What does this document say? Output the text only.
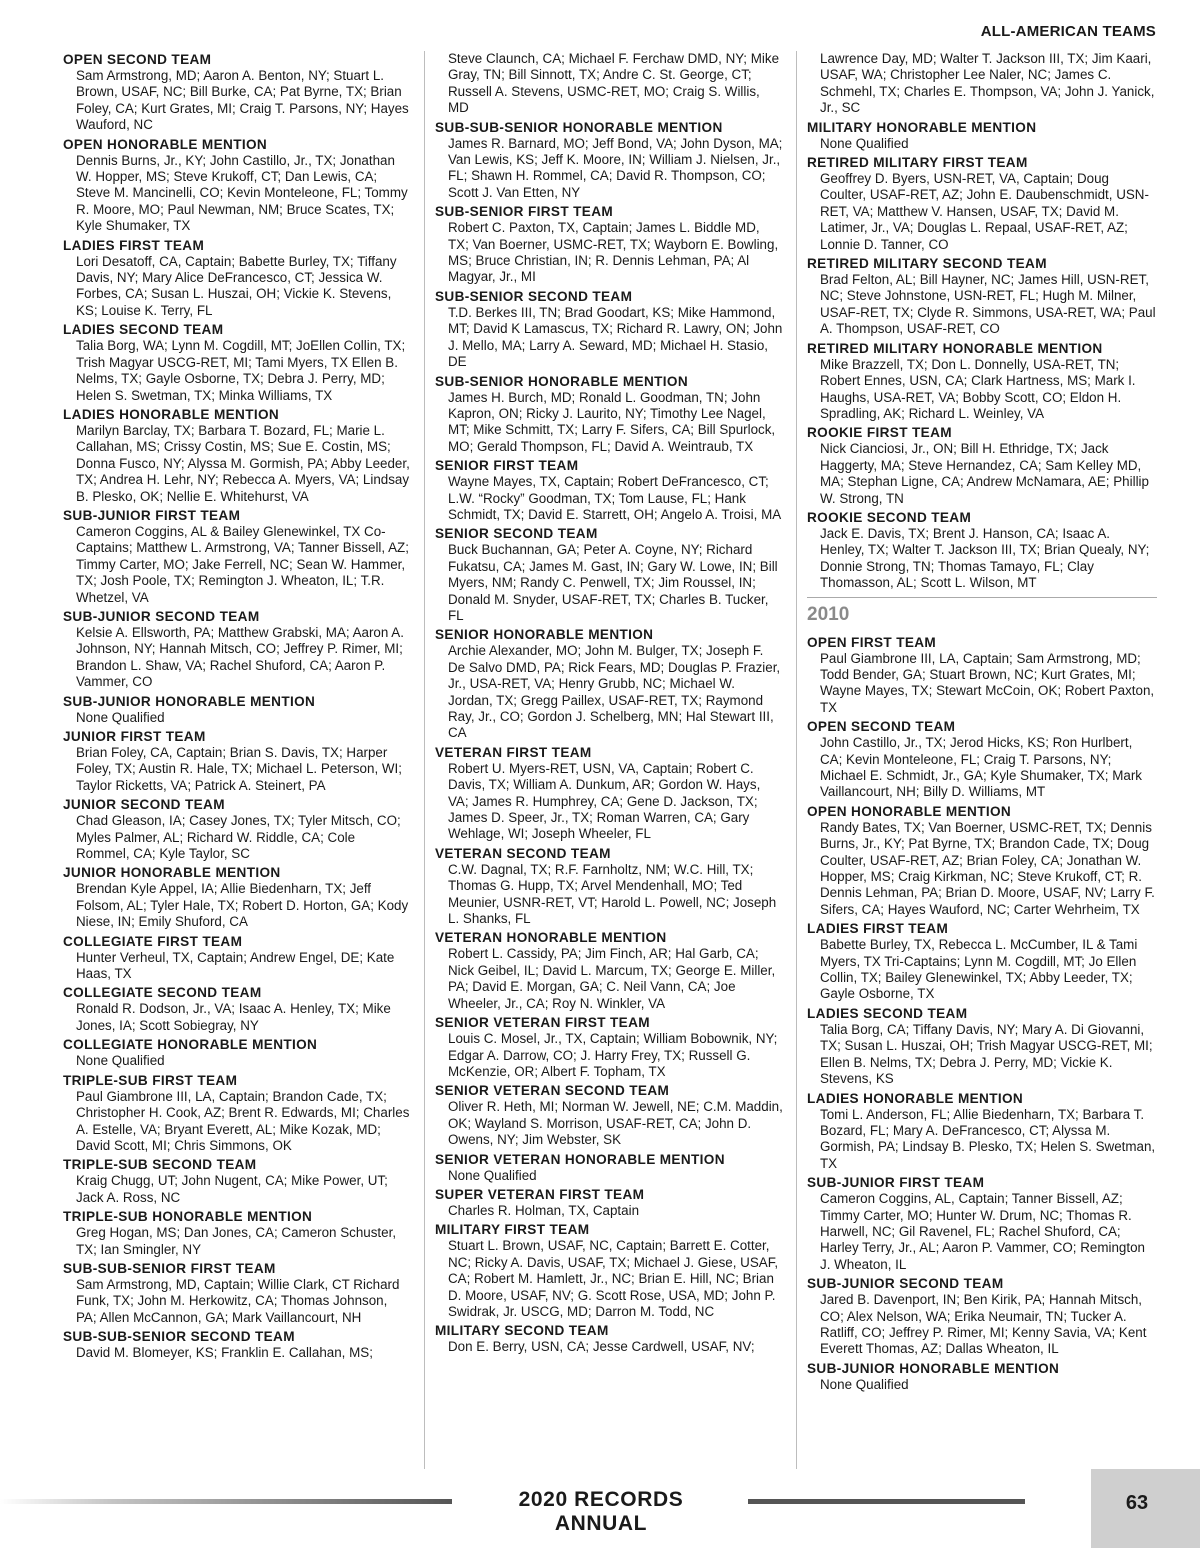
ALL-AMERICAN TEAMS
OPEN SECOND TEAM
Sam Armstrong, MD; Aaron A. Benton, NY; Stuart L. Brown, USAF, NC; Bill Burke, CA; Pat Byrne, TX; Brian Foley, CA; Kurt Grates, MI; Craig T. Parsons, NY; Hayes Wauford, NC
OPEN HONORABLE MENTION
Dennis Burns, Jr., KY; John Castillo, Jr., TX; Jonathan W. Hopper, MS; Steve Krukoff, CT; Dan Lewis, CA; Steve M. Mancinelli, CO; Kevin Monteleone, FL; Tommy R. Moore, MO; Paul Newman, NM; Bruce Scates, TX; Kyle Shumaker, TX
LADIES FIRST TEAM
Lori Desatoff, CA, Captain; Babette Burley, TX; Tiffany Davis, NY; Mary Alice DeFrancesco, CT; Jessica W. Forbes, CA; Susan L. Huszai, OH; Vickie K. Stevens, KS; Louise K. Terry, FL
LADIES SECOND TEAM
Talia Borg, WA; Lynn M. Cogdill, MT; JoEllen Collin, TX; Trish Magyar USCG-RET, MI; Tami Myers, TX Ellen B. Nelms, TX; Gayle Osborne, TX; Debra J. Perry, MD; Helen S. Swetman, TX; Minka Williams, TX
LADIES HONORABLE MENTION
Marilyn Barclay, TX; Barbara T. Bozard, FL; Marie L. Callahan, MS; Crissy Costin, MS; Sue E. Costin, MS; Donna Fusco, NY; Alyssa M. Gormish, PA; Abby Leeder, TX; Andrea H. Lehr, NY; Rebecca A. Myers, VA; Lindsay B. Plesko, OK; Nellie E. Whitehurst, VA
SUB-JUNIOR FIRST TEAM
Cameron Coggins, AL & Bailey Glenewinkel, TX Co-Captains; Matthew L. Armstrong, VA; Tanner Bissell, AZ; Timmy Carter, MO; Jake Ferrell, NC; Sean W. Hammer, TX; Josh Poole, TX; Remington J. Wheaton, IL; T.R. Whetzel, VA
SUB-JUNIOR SECOND TEAM
Kelsie A. Ellsworth, PA; Matthew Grabski, MA; Aaron A. Johnson, NY; Hannah Mitsch, CO; Jeffrey P. Rimer, MI; Brandon L. Shaw, VA; Rachel Shuford, CA; Aaron P. Vammer, CO
SUB-JUNIOR HONORABLE MENTION
None Qualified
JUNIOR FIRST TEAM
Brian Foley, CA, Captain; Brian S. Davis, TX; Harper Foley, TX; Austin R. Hale, TX; Michael L. Peterson, WI; Taylor Ricketts, VA; Patrick A. Steinert, PA
JUNIOR SECOND TEAM
Chad Gleason, IA; Casey Jones, TX; Tyler Mitsch, CO; Myles Palmer, AL; Richard W. Riddle, CA; Cole Rommel, CA; Kyle Taylor, SC
JUNIOR HONORABLE MENTION
Brendan Kyle Appel, IA; Allie Biedenharn, TX; Jeff Folsom, AL; Tyler Hale, TX; Robert D. Horton, GA; Kody Niese, IN; Emily Shuford, CA
COLLEGIATE FIRST TEAM
Hunter Verheul, TX, Captain; Andrew Engel, DE; Kate Haas, TX
COLLEGIATE SECOND TEAM
Ronald R. Dodson, Jr., VA; Isaac A. Henley, TX; Mike Jones, IA; Scott Sobiegray, NY
COLLEGIATE HONORABLE MENTION
None Qualified
TRIPLE-SUB FIRST TEAM
Paul Giambrone III, LA, Captain; Brandon Cade, TX; Christopher H. Cook, AZ; Brent R. Edwards, MI; Charles A. Estelle, VA; Bryant Everett, AL; Mike Kozak, MD; David Scott, MI; Chris Simmons, OK
TRIPLE-SUB SECOND TEAM
Kraig Chugg, UT; John Nugent, CA; Mike Power, UT; Jack A. Ross, NC
TRIPLE-SUB HONORABLE MENTION
Greg Hogan, MS; Dan Jones, CA; Cameron Schuster, TX; Ian Smingler, NY
SUB-SUB-SENIOR FIRST TEAM
Sam Armstrong, MD, Captain; Willie Clark, CT Richard Funk, TX; John M. Herkowitz, CA; Thomas Johnson, PA; Allen McCannon, GA; Mark Vaillancourt, NH
SUB-SUB-SENIOR SECOND TEAM
David M. Blomeyer, KS; Franklin E. Callahan, MS;
Steve Claunch, CA; Michael F. Ferchaw DMD, NY; Mike Gray, TN; Bill Sinnott, TX; Andre C. St. George, CT; Russell A. Stevens, USMC-RET, MO; Craig S. Willis, MD
SUB-SUB-SENIOR HONORABLE MENTION
James R. Barnard, MO; Jeff Bond, VA; John Dyson, MA; Van Lewis, KS; Jeff K. Moore, IN; William J. Nielsen, Jr., FL; Shawn H. Rommel, CA; David R. Thompson, CO; Scott J. Van Etten, NY
SUB-SENIOR FIRST TEAM
Robert C. Paxton, TX, Captain; James L. Biddle MD, TX; Van Boerner, USMC-RET, TX; Wayborn E. Bowling, MS; Bruce Christian, IN; R. Dennis Lehman, PA; Al Magyar, Jr., MI
SUB-SENIOR SECOND TEAM
T.D. Berkes III, TN; Brad Goodart, KS; Mike Hammond, MT; David K Lamascus, TX; Richard R. Lawry, ON; John J. Mello, MA; Larry A. Seward, MD; Michael H. Stasio, DE
SUB-SENIOR HONORABLE MENTION
James H. Burch, MD; Ronald L. Goodman, TN; John Kapron, ON; Ricky J. Laurito, NY; Timothy Lee Nagel, MT; Mike Schmitt, TX; Larry F. Sifers, CA; Bill Spurlock, MO; Gerald Thompson, FL; David A. Weintraub, TX
SENIOR FIRST TEAM
Wayne Mayes, TX, Captain; Robert DeFrancesco, CT; L.W. “Rocky” Goodman, TX; Tom Lause, FL; Hank Schmidt, TX; David E. Starrett, OH; Angelo A. Troisi, MA
SENIOR SECOND TEAM
Buck Buchannan, GA; Peter A. Coyne, NY; Richard Fukatsu, CA; James M. Gast, IN; Gary W. Lowe, IN; Bill Myers, NM; Randy C. Penwell, TX; Jim Roussel, IN; Donald M. Snyder, USAF-RET, TX; Charles B. Tucker, FL
SENIOR HONORABLE MENTION
Archie Alexander, MO; John M. Bulger, TX; Joseph F. De Salvo DMD, PA; Rick Fears, MD; Douglas P. Frazier, Jr., USA-RET, VA; Henry Grubb, NC; Michael W. Jordan, TX; Gregg Paillex, USAF-RET, TX; Raymond Ray, Jr., CO; Gordon J. Schelberg, MN; Hal Stewart III, CA
VETERAN FIRST TEAM
Robert U. Myers-RET, USN, VA, Captain; Robert C. Davis, TX; William A. Dunkum, AR; Gordon W. Hays, VA; James R. Humphrey, CA; Gene D. Jackson, TX; James D. Speer, Jr., TX; Roman Warren, CA; Gary Wehlage, WI; Joseph Wheeler, FL
VETERAN SECOND TEAM
C.W. Dagnal, TX; R.F. Farnholtz, NM; W.C. Hill, TX; Thomas G. Hupp, TX; Arvel Mendenhall, MO; Ted Meunier, USNR-RET, VT; Harold L. Powell, NC; Joseph L. Shanks, FL
VETERAN HONORABLE MENTION
Robert L. Cassidy, PA; Jim Finch, AR; Hal Garb, CA; Nick Geibel, IL; David L. Marcum, TX; George E. Miller, PA; David E. Morgan, GA; C. Neil Vann, CA; Joe Wheeler, Jr., CA; Roy N. Winkler, VA
SENIOR VETERAN FIRST TEAM
Louis C. Mosel, Jr., TX, Captain; William Bobownik, NY; Edgar A. Darrow, CO; J. Harry Frey, TX; Russell G. McKenzie, OR; Albert F. Topham, TX
SENIOR VETERAN SECOND TEAM
Oliver R. Heth, MI; Norman W. Jewell, NE; C.M. Maddin, OK; Wayland S. Morrison, USAF-RET, CA; John D. Owens, NY; Jim Webster, SK
SENIOR VETERAN HONORABLE MENTION
None Qualified
SUPER VETERAN FIRST TEAM
Charles R. Holman, TX, Captain
MILITARY FIRST TEAM
Stuart L. Brown, USAF, NC, Captain; Barrett E. Cotter, NC; Ricky A. Davis, USAF, TX; Michael J. Giese, USAF, CA; Robert M. Hamlett, Jr., NC; Brian E. Hill, NC; Brian D. Moore, USAF, NV; G. Scott Rose, USA, MD; John P. Swidrak, Jr. USCG, MD; Darron M. Todd, NC
MILITARY SECOND TEAM
Don E. Berry, USN, CA; Jesse Cardwell, USAF, NV;
Lawrence Day, MD; Walter T. Jackson III, TX; Jim Kaari, USAF, WA; Christopher Lee Naler, NC; James C. Schmehl, TX; Charles E. Thompson, VA; John J. Yanick, Jr., SC
MILITARY HONORABLE MENTION
None Qualified
RETIRED MILITARY FIRST TEAM
Geoffrey D. Byers, USN-RET, VA, Captain; Doug Coulter, USAF-RET, AZ; John E. Daubenschmidt, USN-RET, VA; Matthew V. Hansen, USAF, TX; David M. Latimer, Jr., VA; Douglas L. Repaal, USAF-RET, AZ; Lonnie D. Tanner, CO
RETIRED MILITARY SECOND TEAM
Brad Felton, AL; Bill Hayner, NC; James Hill, USN-RET, NC; Steve Johnstone, USN-RET, FL; Hugh M. Milner, USAF-RET, TX; Clyde R. Simmons, USA-RET, WA; Paul A. Thompson, USAF-RET, CO
RETIRED MILITARY HONORABLE MENTION
Mike Brazzell, TX; Don L. Donnelly, USA-RET, TN; Robert Ennes, USN, CA; Clark Hartness, MS; Mark I. Haughs, USA-RET, VA; Bobby Scott, CO; Eldon H. Spradling, AK; Richard L. Weinley, VA
ROOKIE FIRST TEAM
Nick Cianciosi, Jr., ON; Bill H. Ethridge, TX; Jack Haggerty, MA; Steve Hernandez, CA; Sam Kelley MD, MA; Stephan Ligne, CA; Andrew McNamara, AE; Phillip W. Strong, TN
ROOKIE SECOND TEAM
Jack E. Davis, TX; Brent J. Hanson, CA; Isaac A. Henley, TX; Walter T. Jackson III, TX; Brian Quealy, NY; Donnie Strong, TN; Thomas Tamayo, FL; Clay Thomasson, AL; Scott L. Wilson, MT
2010
OPEN FIRST TEAM
Paul Giambrone III, LA, Captain; Sam Armstrong, MD; Todd Bender, GA; Stuart Brown, NC; Kurt Grates, MI; Wayne Mayes, TX; Stewart McCoin, OK; Robert Paxton, TX
OPEN SECOND TEAM
John Castillo, Jr., TX; Jerod Hicks, KS; Ron Hurlbert, CA; Kevin Monteleone, FL; Craig T. Parsons, NY; Michael E. Schmidt, Jr., GA; Kyle Shumaker, TX; Mark Vaillancourt, NH; Billy D. Williams, MT
OPEN HONORABLE MENTION
Randy Bates, TX; Van Boerner, USMC-RET, TX; Dennis Burns, Jr., KY; Pat Byrne, TX; Brandon Cade, TX; Doug Coulter, USAF-RET, AZ; Brian Foley, CA; Jonathan W. Hopper, MS; Craig Kirkman, NC; Steve Krukoff, CT; R. Dennis Lehman, PA; Brian D. Moore, USAF, NV; Larry F. Sifers, CA; Hayes Wauford, NC; Carter Wehrheim, TX
LADIES FIRST TEAM
Babette Burley, TX, Rebecca L. McCumber, IL & Tami Myers, TX Tri-Captains; Lynn M. Cogdill, MT; Jo Ellen Collin, TX; Bailey Glenewinkel, TX; Abby Leeder, TX; Gayle Osborne, TX
LADIES SECOND TEAM
Talia Borg, CA; Tiffany Davis, NY; Mary A. Di Giovanni, TX; Susan L. Huszai, OH; Trish Magyar USCG-RET, MI; Ellen B. Nelms, TX; Debra J. Perry, MD; Vickie K. Stevens, KS
LADIES HONORABLE MENTION
Tomi L. Anderson, FL; Allie Biedenharn, TX; Barbara T. Bozard, FL; Mary A. DeFrancesco, CT; Alyssa M. Gormish, PA; Lindsay B. Plesko, TX; Helen S. Swetman, TX
SUB-JUNIOR FIRST TEAM
Cameron Coggins, AL, Captain; Tanner Bissell, AZ; Timmy Carter, MO; Hunter W. Drum, NC; Thomas R. Harwell, NC; Gil Ravenel, FL; Rachel Shuford, CA; Harley Terry, Jr., AL; Aaron P. Vammer, CO; Remington J. Wheaton, IL
SUB-JUNIOR SECOND TEAM
Jared B. Davenport, IN; Ben Kirik, PA; Hannah Mitsch, CO; Alex Nelson, WA; Erika Neumair, TN; Tucker A. Ratliff, CO; Jeffrey P. Rimer, MI; Kenny Savia, VA; Kent Everett Thomas, AZ; Dallas Wheaton, IL
SUB-JUNIOR HONORABLE MENTION
None Qualified
2020 RECORDS ANNUAL
63
